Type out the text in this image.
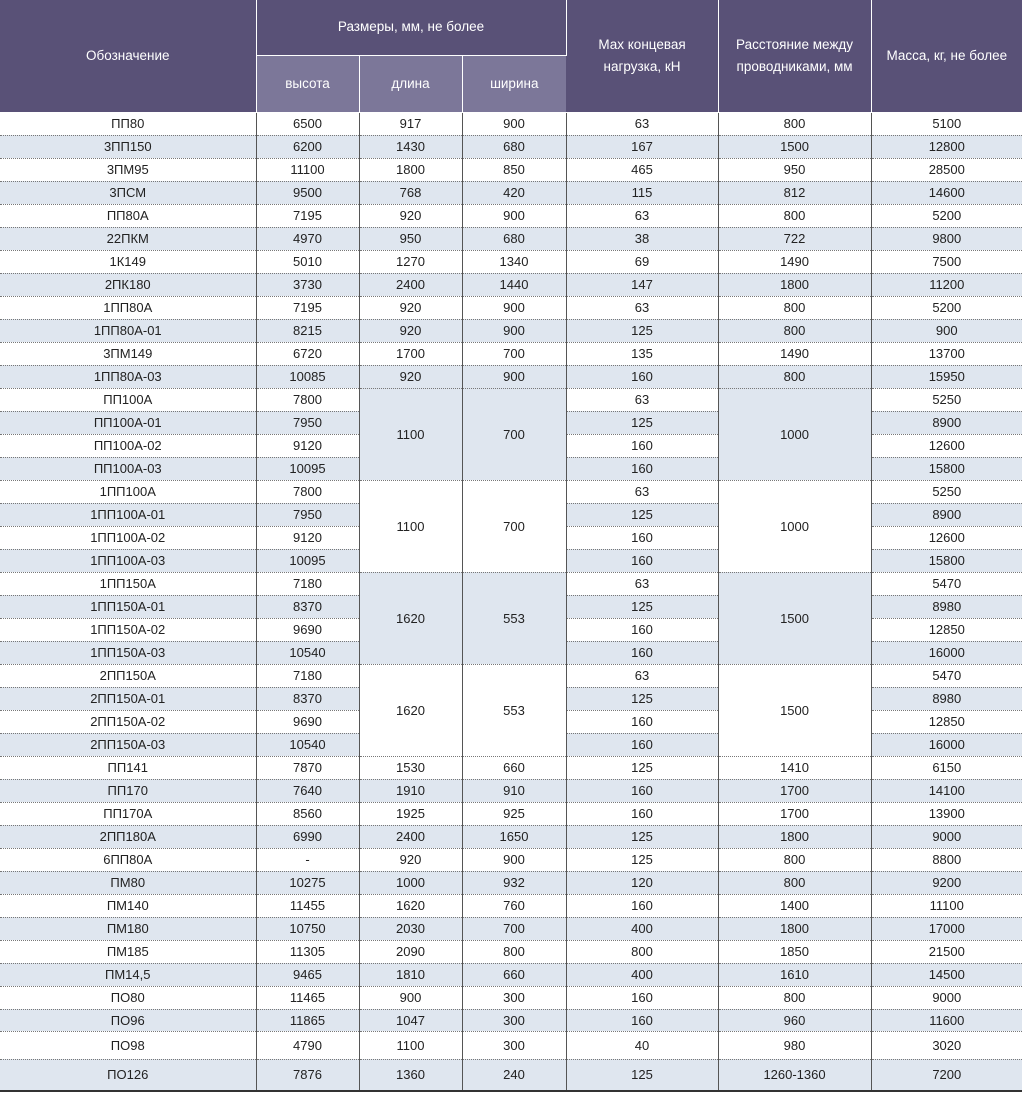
Обозначение	Размеры, мм, не более			Мах концевая нагрузка, кН	Расстояние между проводниками, мм	Масса, кг, не более
	высота	длина	ширина			
ПП80	6500	917	900	63	800	5100
3ПП150	6200	1430	680	167	1500	12800
3ПМ95	11100	1800	850	465	950	28500
3ПСМ	9500	768	420	115	812	14600
ПП80А	7195	920	900	63	800	5200
22ПКМ	4970	950	680	38	722	9800
1К149	5010	1270	1340	69	1490	7500
2ПК180	3730	2400	1440	147	1800	11200
1ПП80А	7195	920	900	63	800	5200
1ПП80А-01	8215	920	900	125	800	900
3ПМ149	6720	1700	700	135	1490	13700
1ПП80А-03	10085	920	900	160	800	15950
ПП100А	7800	1100	700	63	1000	5250
ПП100А-01	7950			125		8900
ПП100А-02	9120			160		12600
ПП100А-03	10095			160		15800
1ПП100А	7800	1100	700	63	1000	5250
1ПП100А-01	7950			125		8900
1ПП100А-02	9120			160		12600
1ПП100А-03	10095			160		15800
1ПП150А	7180	1620	553	63	1500	5470
1ПП150А-01	8370			125		8980
1ПП150А-02	9690			160		12850
1ПП150А-03	10540			160		16000
2ПП150А	7180	1620	553	63	1500	5470
2ПП150А-01	8370			125		8980
2ПП150А-02	9690			160		12850
2ПП150А-03	10540			160		16000
ПП141	7870	1530	660	125	1410	6150
ПП170	7640	1910	910	160	1700	14100
ПП170А	8560	1925	925	160	1700	13900
2ПП180А	6990	2400	1650	125	1800	9000
6ПП80А	-	920	900	125	800	8800
ПМ80	10275	1000	932	120	800	9200
ПМ140	11455	1620	760	160	1400	11100
ПМ180	10750	2030	700	400	1800	17000
ПМ185	11305	2090	800	800	1850	21500
ПМ14,5	9465	1810	660	400	1610	14500
ПО80	11465	900	300	160	800	9000
ПО96	11865	1047	300	160	960	11600
ПО98	4790	1100	300	40	980	3020
ПО126	7876	1360	240	125	1260-1360	7200
